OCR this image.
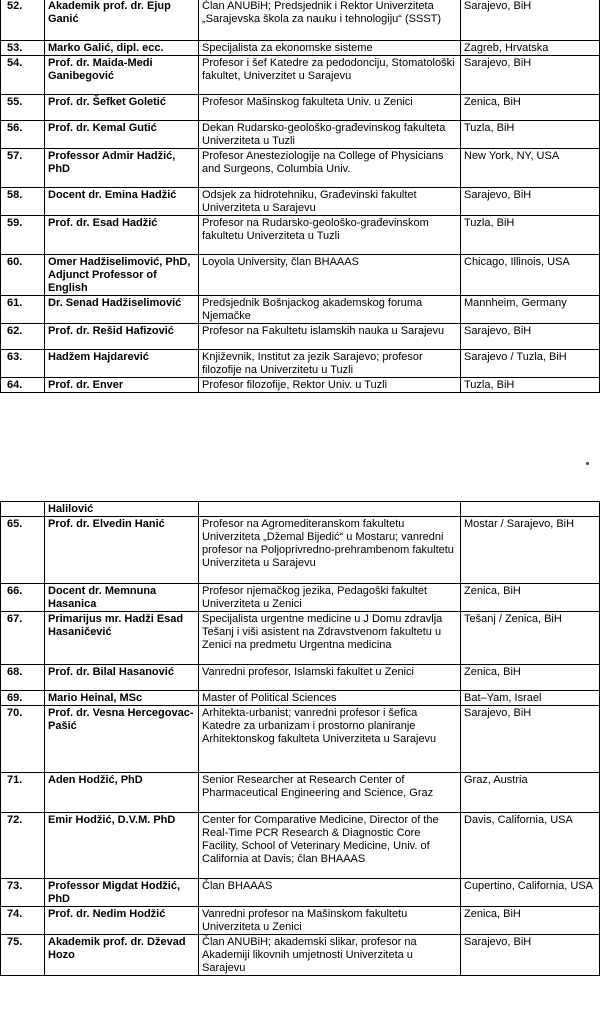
52.	Akademik prof. dr. Ejup Ganić	Član ANUBiH; Predsjednik i Rektor Univerziteta „Sarajevska škola za nauku i tehnologiju“ (SSST)	Sarajevo, BiH
53.	Marko Galić, dipl. ecc.	Specijalista za ekonomske sisteme	Zagreb, Hrvatska
54.	Prof. dr. Maida-Medi Ganibegović	Profesor i šef Katedre za pedodonciju, Stomatološki fakultet, Univerzitet u Sarajevu	Sarajevo, BiH
55.	Prof. dr. Šefket Goletić	Profesor Mašinskog fakulteta Univ. u Zenici	Zenica, BiH
56.	Prof. dr. Kemal Gutić	Dekan Rudarsko-geološko-građevinskog fakulteta Univerziteta u Tuzli	Tuzla, BiH
57.	Professor Admir Hadžić, PhD	Profesor Anesteziologije na College of Physicians and Surgeons, Columbia Univ.	New York, NY, USA
58.	Docent dr. Emina Hadžić	Odsjek za hidrotehniku, Građevinski fakultet Univerziteta u Sarajevu	Sarajevo, BiH
59.	Prof. dr. Esad Hadžić	Profesor na Rudarsko-geološko-građevinskom fakultetu Univerziteta u Tuzli	Tuzla, BiH
60.	Omer Hadžiselimović, PhD, Adjunct Professor of English	Loyola University, član BHAAAS	Chicago, Illinois, USA
61.	Dr. Senad Hadžiselimović	Predsjednik Bošnjackog akademskog foruma Njemačke	Mannheim, Germany
62.	Prof. dr. Rešid Hafizović	Profesor na Fakultetu islamskih nauka u Sarajevu	Sarajevo, BiH
63.	Hadžem Hajdarević	Književnik, Institut za jezik Sarajevo; profesor filozofije na Univerzitetu u Tuzli	Sarajevo / Tuzla, BiH
64.	Prof. dr. Enver	Profesor filozofije, Rektor Univ. u Tuzli	Tuzla, BiH
	Halilović		
65.	Prof. dr. Elvedin Hanić	Profesor na Agromediteranskom fakultetu Univerziteta „Džemal Bijedić“ u Mostaru; vanredni profesor na Poljoprivredno-prehrambenom fakultetu Univerziteta u Sarajevu	Mostar / Sarajevo, BiH
66.	Docent dr. Memnuna Hasanica	Profesor njemačkog jezika, Pedagoški fakultet Univerziteta u Zenici	Zenica, BiH
67.	Primarijus mr. Hadži Esad Hasaničević	Specijalista urgentne medicine u J Domu zdravlja Tešanj i viši asistent na Zdravstvenom fakultetu u Zenici na predmetu Urgentna medicina	Tešanj / Zenica, BiH
68.	Prof. dr. Bilal Hasanović	Vanredni profesor, Islamski fakultet u Zenici	Zenica, BiH
69.	Mario Heinal, MSc	Master of Political Sciences	Bat–Yam, Israel
70.	Prof. dr. Vesna Hercegovac-Pašić	Arhitekta-urbanist; vanredni profesor i šefica Katedre za urbanizam i prostorno planiranje Arhitektonskog fakulteta Univerziteta u Sarajevu	Sarajevo, BiH
71.	Aden Hodžić, PhD	Senior Researcher at Research Center of Pharmaceutical Engineering and Science, Graz	Graz, Austria
72.	Emir Hodžić, D.V.M. PhD	Center for Comparative Medicine, Director of the Real-Time PCR Research & Diagnostic Core Facility, School of Veterinary Medicine, Univ. of California at Davis; član BHAAAS	Davis, California, USA
73.	Professor Migdat Hodžić, PhD	Član BHAAAS	Cupertino, California, USA
74.	Prof. dr. Nedim Hodžić	Vanredni profesor na Mašinskom fakultetu Univerziteta u Zenici	Zenica, BiH
75.	Akademik prof. dr. Dževad Hozo	Član ANUBiH; akademski slikar, profesor na Akademiji likovnih umjetnosti Univerziteta u Sarajevu	Sarajevo, BiH
